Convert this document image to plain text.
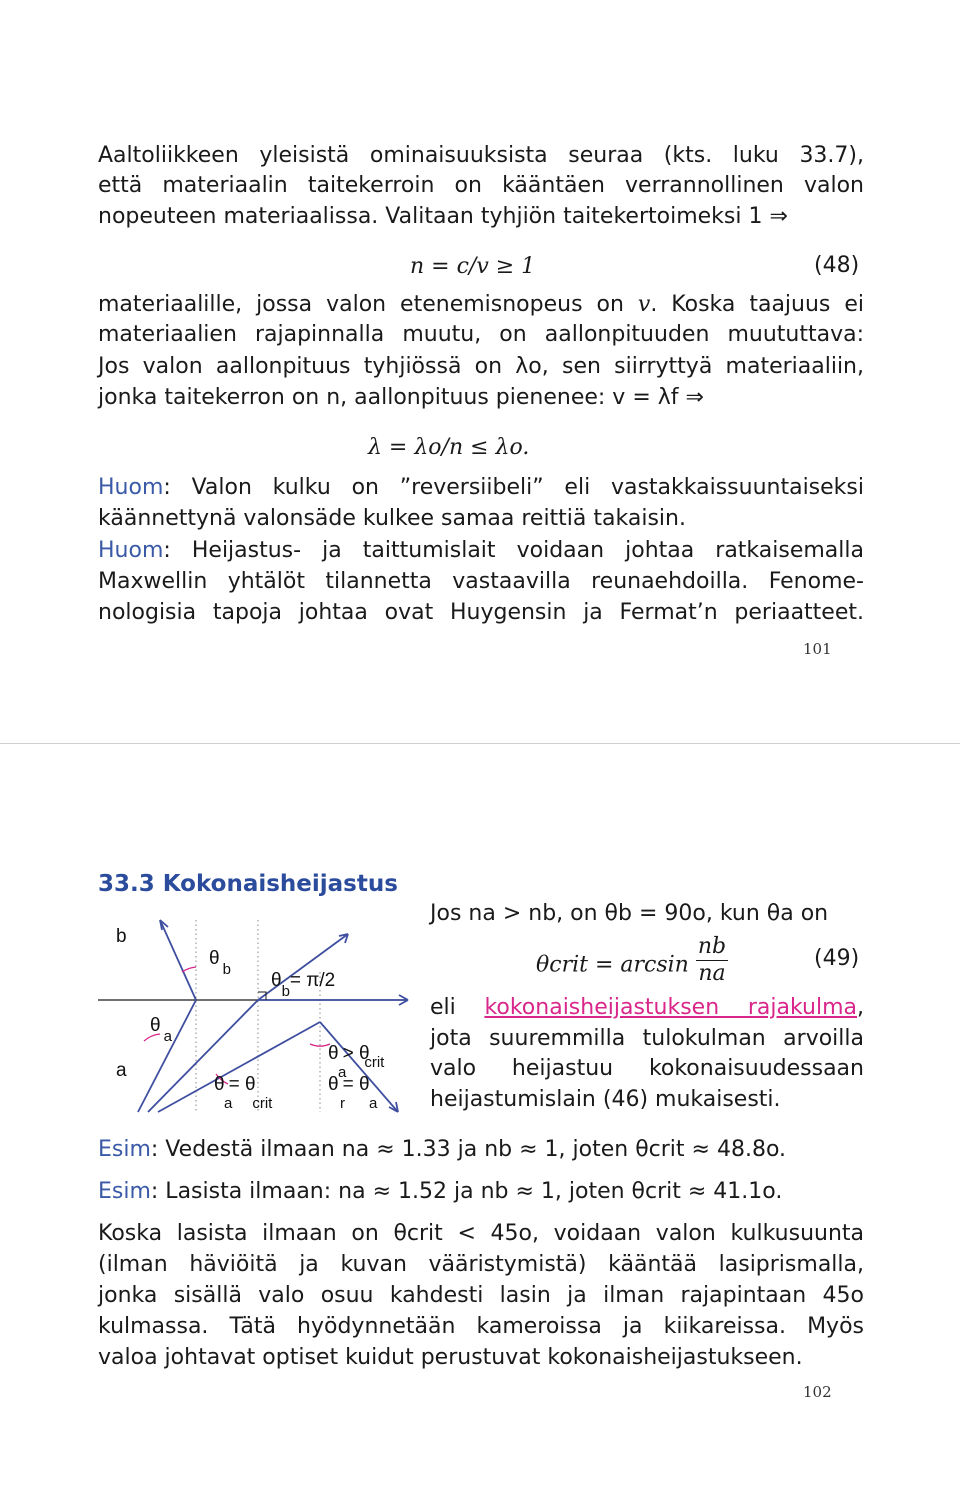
Aaltoliikkeen yleisistä ominaisuuksista seuraa (kts. luku 33.7),
että materiaalin taitekerroin on kääntäen verrannollinen valon
nopeuteen materiaalissa. Valitaan tyhjiön taitekertoimeksi 1 ⇒
n = c/v ≥ 1	(48)
materiaalille, jossa valon etenemisnopeus on v. Koska taajuus ei
materiaalien rajapinnalla muutu, on aallonpituuden muututtava:
Jos valon aallonpituus tyhjiössä on λo, sen siirryttyä materiaaliin,
jonka taitekerron on n, aallonpituus pienenee: v = λf ⇒
λ = λo/n ≤ λo.
Huom: Valon kulku on ”reversiibeli” eli vastakkaissuuntaiseksi
käännettynä valonsäde kulkee samaa reittiä takaisin.
Huom: Heijastus- ja taittumislait voidaan johtaa ratkaisemalla
Maxwellin yhtälöt tilannetta vastaavilla reunaehdoilla. Fenome-
nologisia tapoja johtaa ovat Huygensin ja Fermat’n periaatteet.
101
33.3 Kokonaisheijastus
b
a
$\theta_b$
$\theta_b= \pi/2$
$\theta_a$
θ > θ
$^{acrit}$
θ = θ
$^a$ $^{crit}$
θ = θ
$^r$ $^a$
Jos na > nb, on θb = 90o, kun θa on
θcrit = $\arcsin \frac{nb}{na}$	(49)
eli kokonaisheijastuksen rajakulma,
jota suuremmilla tulokulman arvoilla
valo heijastuu kokonaisuudessaan
heijastumislain (46) mukaisesti.
Esim: Vedestä ilmaan na ≈ 1.33 ja nb ≈ 1, joten θcrit ≈ 48.8o.
Esim: Lasista ilmaan: na ≈ 1.52 ja nb ≈ 1, joten θcrit ≈ 41.1o.
Koska lasista ilmaan on θcrit < 45o, voidaan valon kulkusuunta
(ilman häviöitä ja kuvan vääristymistä) kääntää lasiprismalla,
jonka sisällä valo osuu kahdesti lasin ja ilman rajapintaan 45o
kulmassa. Tätä hyödynnetään kameroissa ja kiikareissa. Myös
valoa johtavat optiset kuidut perustuvat kokonaisheijastukseen.
102
